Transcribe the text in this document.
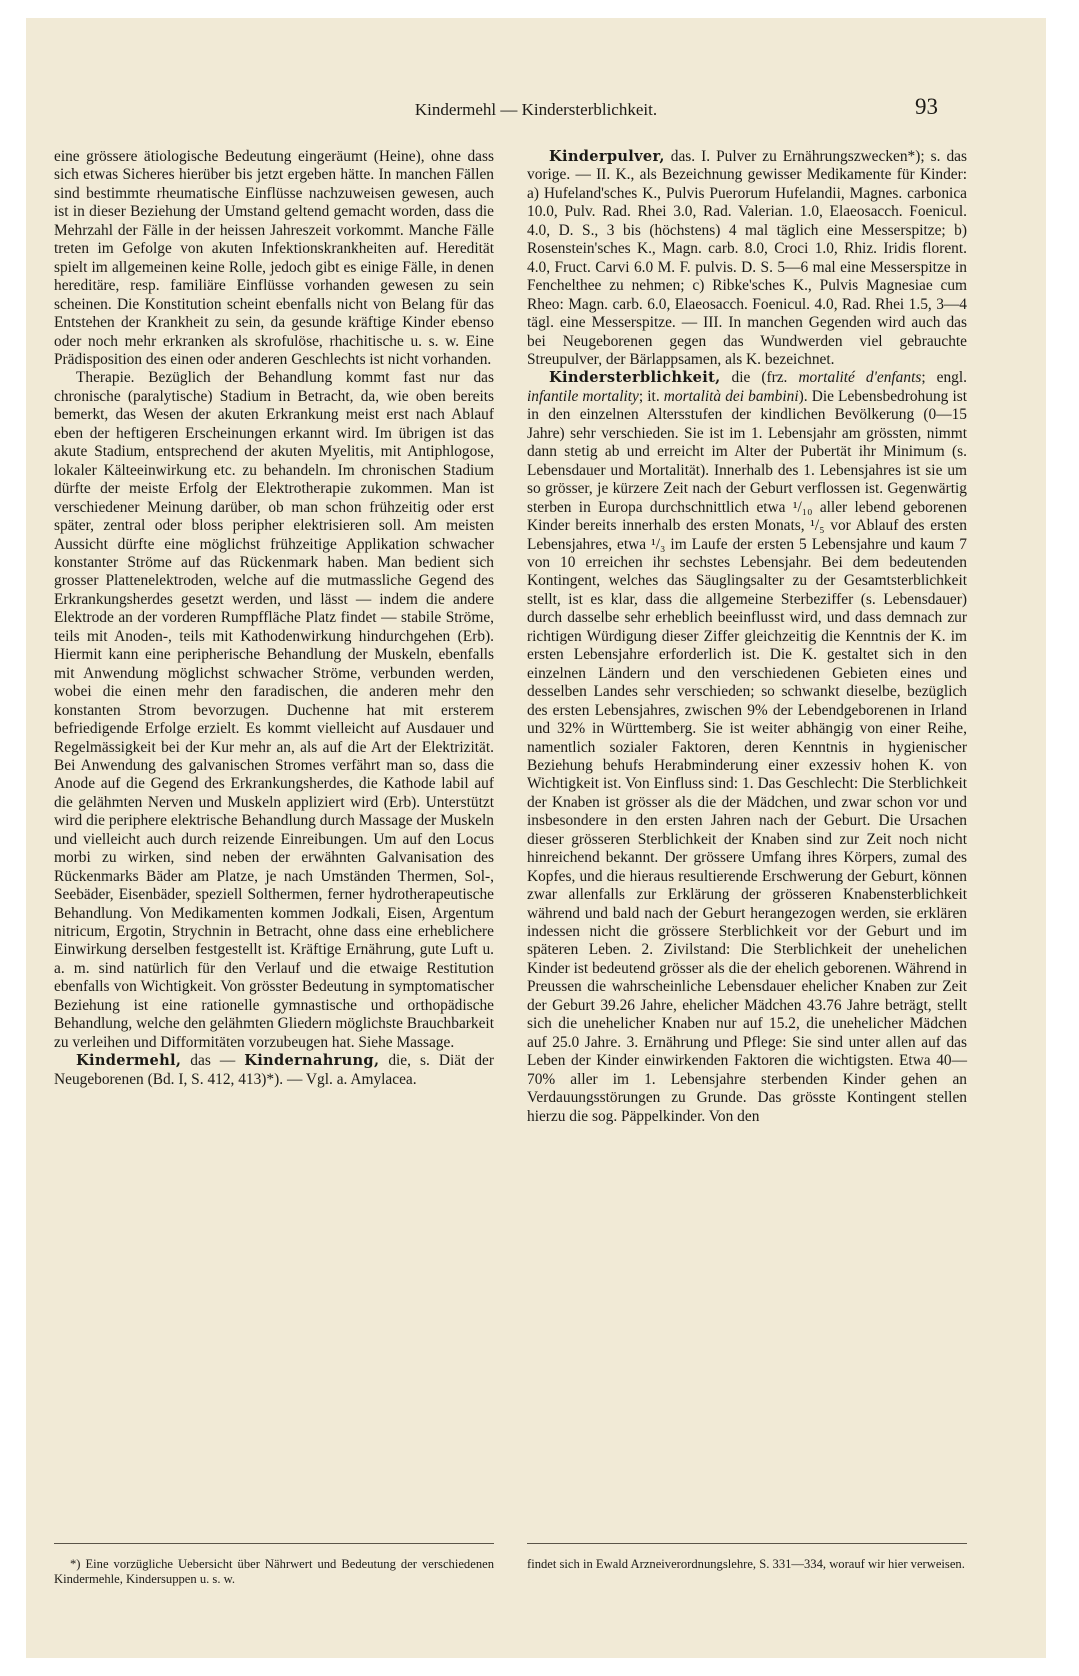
Kindermehl — Kindersterblichkeit.	93

eine grössere ätiologische Bedeutung eingeräumt (Heine), ohne dass sich etwas Sicheres hierüber bis jetzt ergeben hätte. In manchen Fällen sind bestimmte rheumatische Einflüsse nachzuweisen gewesen, auch ist in dieser Beziehung der Umstand geltend gemacht worden, dass die Mehrzahl der Fälle in der heissen Jahreszeit vorkommt. Manche Fälle treten im Gefolge von akuten Infektionskrankheiten auf. Heredität spielt im allgemeinen keine Rolle, jedoch gibt es einige Fälle, in denen hereditäre, resp. familiäre Einflüsse vorhanden gewesen zu sein scheinen. Die Konstitution scheint ebenfalls nicht von Belang für das Entstehen der Krankheit zu sein, da gesunde kräftige Kinder ebenso oder noch mehr erkranken als skrofulöse, rhachitische u. s. w. Eine Prädisposition des einen oder anderen Geschlechts ist nicht vorhanden.

Therapie. Bezüglich der Behandlung kommt fast nur das chronische (paralytische) Stadium in Betracht, da, wie oben bereits bemerkt, das Wesen der akuten Erkrankung meist erst nach Ablauf eben der heftigeren Erscheinungen erkannt wird. Im übrigen ist das akute Stadium, entsprechend der akuten Myelitis, mit Antiphlogose, lokaler Kälteeinwirkung etc. zu behandeln. Im chronischen Stadium dürfte der meiste Erfolg der Elektrotherapie zukommen. Man ist verschiedener Meinung darüber, ob man schon frühzeitig oder erst später, zentral oder bloss peripher elektrisieren soll. Am meisten Aussicht dürfte eine möglichst frühzeitige Applikation schwacher konstanter Ströme auf das Rückenmark haben. Man bedient sich grosser Plattenelektroden, welche auf die mutmassliche Gegend des Erkrankungsherdes gesetzt werden, und lässt — indem die andere Elektrode an der vorderen Rumpffläche Platz findet — stabile Ströme, teils mit Anoden-, teils mit Kathodenwirkung hindurchgehen (Erb). Hiermit kann eine peripherische Behandlung der Muskeln, ebenfalls mit Anwendung möglichst schwacher Ströme, verbunden werden, wobei die einen mehr den faradischen, die anderen mehr den konstanten Strom bevorzugen. Duchenne hat mit ersterem befriedigende Erfolge erzielt. Es kommt vielleicht auf Ausdauer und Regelmässigkeit bei der Kur mehr an, als auf die Art der Elektrizität. Bei Anwendung des galvanischen Stromes verfährt man so, dass die Anode auf die Gegend des Erkrankungsherdes, die Kathode labil auf die gelähmten Nerven und Muskeln appliziert wird (Erb). Unterstützt wird die periphere elektrische Behandlung durch Massage der Muskeln und vielleicht auch durch reizende Einreibungen. Um auf den Locus morbi zu wirken, sind neben der erwähnten Galvanisation des Rückenmarks Bäder am Platze, je nach Umständen Thermen, Sol-, Seebäder, Eisenbäder, speziell Solthermen, ferner hydrotherapeutische Behandlung. Von Medikamenten kommen Jodkali, Eisen, Argentum nitricum, Ergotin, Strychnin in Betracht, ohne dass eine erheblichere Einwirkung derselben festgestellt ist. Kräftige Ernährung, gute Luft u. a. m. sind natürlich für den Verlauf und die etwaige Restitution ebenfalls von Wichtigkeit. Von grösster Bedeutung in symptomatischer Beziehung ist eine rationelle gymnastische und orthopädische Behandlung, welche den gelähmten Gliedern möglichste Brauchbarkeit zu verleihen und Difformitäten vorzubeugen hat. Siehe Massage.

Kindermehl, das — Kindernahrung, die, s. Diät der Neugeborenen (Bd. I, S. 412, 413)*). — Vgl. a. Amylacea.

Kinderpulver, das. I. Pulver zu Ernährungszwecken*); s. das vorige. — II. K., als Bezeichnung gewisser Medikamente für Kinder: a) Hufeland'sches K., Pulvis Puerorum Hufelandii, Magnes. carbonica 10.0, Pulv. Rad. Rhei 3.0, Rad. Valerian. 1.0, Elaeosacch. Foenicul. 4.0, D. S., 3 bis (höchstens) 4 mal täglich eine Messerspitze; b) Rosenstein'sches K., Magn. carb. 8.0, Croci 1.0, Rhiz. Iridis florent. 4.0, Fruct. Carvi 6.0 M. F. pulvis. D. S. 5—6 mal eine Messerspitze in Fenchelthee zu nehmen; c) Ribke'sches K., Pulvis Magnesiae cum Rheo: Magn. carb. 6.0, Elaeosacch. Foenicul. 4.0, Rad. Rhei 1.5, 3—4 tägl. eine Messerspitze. — III. In manchen Gegenden wird auch das bei Neugeborenen gegen das Wundwerden viel gebrauchte Streupulver, der Bärlappsamen, als K. bezeichnet.

Kindersterblichkeit, die (frz. mortalité d'enfants; engl. infantile mortality; it. mortalità dei bambini). Die Lebensbedrohung ist in den einzelnen Altersstufen der kindlichen Bevölkerung (0—15 Jahre) sehr verschieden. Sie ist im 1. Lebensjahr am grössten, nimmt dann stetig ab und erreicht im Alter der Pubertät ihr Minimum (s. Lebensdauer und Mortalität). Innerhalb des 1. Lebensjahres ist sie um so grösser, je kürzere Zeit nach der Geburt verflossen ist. Gegenwärtig sterben in Europa durchschnittlich etwa ¹/₁₀ aller lebend geborenen Kinder bereits innerhalb des ersten Monats, ¹/₅ vor Ablauf des ersten Lebensjahres, etwa ¹/₃ im Laufe der ersten 5 Lebensjahre und kaum 7 von 10 erreichen ihr sechstes Lebensjahr. Bei dem bedeutenden Kontingent, welches das Säuglingsalter zu der Gesamtsterblichkeit stellt, ist es klar, dass die allgemeine Sterbeziffer (s. Lebensdauer) durch dasselbe sehr erheblich beeinflusst wird, und dass demnach zur richtigen Würdigung dieser Ziffer gleichzeitig die Kenntnis der K. im ersten Lebensjahre erforderlich ist. Die K. gestaltet sich in den einzelnen Ländern und den verschiedenen Gebieten eines und desselben Landes sehr verschieden; so schwankt dieselbe, bezüglich des ersten Lebensjahres, zwischen 9% der Lebendgeborenen in Irland und 32% in Württemberg. Sie ist weiter abhängig von einer Reihe, namentlich sozialer Faktoren, deren Kenntnis in hygienischer Beziehung behufs Herabminderung einer exzessiv hohen K. von Wichtigkeit ist. Von Einfluss sind: 1. Das Geschlecht: Die Sterblichkeit der Knaben ist grösser als die der Mädchen, und zwar schon vor und insbesondere in den ersten Jahren nach der Geburt. Die Ursachen dieser grösseren Sterblichkeit der Knaben sind zur Zeit noch nicht hinreichend bekannt. Der grössere Umfang ihres Körpers, zumal des Kopfes, und die hieraus resultierende Erschwerung der Geburt, können zwar allenfalls zur Erklärung der grösseren Knabensterblichkeit während und bald nach der Geburt herangezogen werden, sie erklären indessen nicht die grössere Sterblichkeit vor der Geburt und im späteren Leben. 2. Zivilstand: Die Sterblichkeit der unehelichen Kinder ist bedeutend grösser als die der ehelich geborenen. Während in Preussen die wahrscheinliche Lebensdauer ehelicher Knaben zur Zeit der Geburt 39.26 Jahre, ehelicher Mädchen 43.76 Jahre beträgt, stellt sich die unehelicher Knaben nur auf 15.2, die unehelicher Mädchen auf 25.0 Jahre. 3. Ernährung und Pflege: Sie sind unter allen auf das Leben der Kinder einwirkenden Faktoren die wichtigsten. Etwa 40—70% aller im 1. Lebensjahre sterbenden Kinder gehen an Verdauungsstörungen zu Grunde. Das grösste Kontingent stellen hierzu die sog. Päppelkinder. Von den

*) Eine vorzügliche Uebersicht über Nährwert und Bedeutung der verschiedenen Kindermehle, Kindersuppen u. s. w.
findet sich in Ewald Arzneiverordnungslehre, S. 331—334, worauf wir hier verweisen.
